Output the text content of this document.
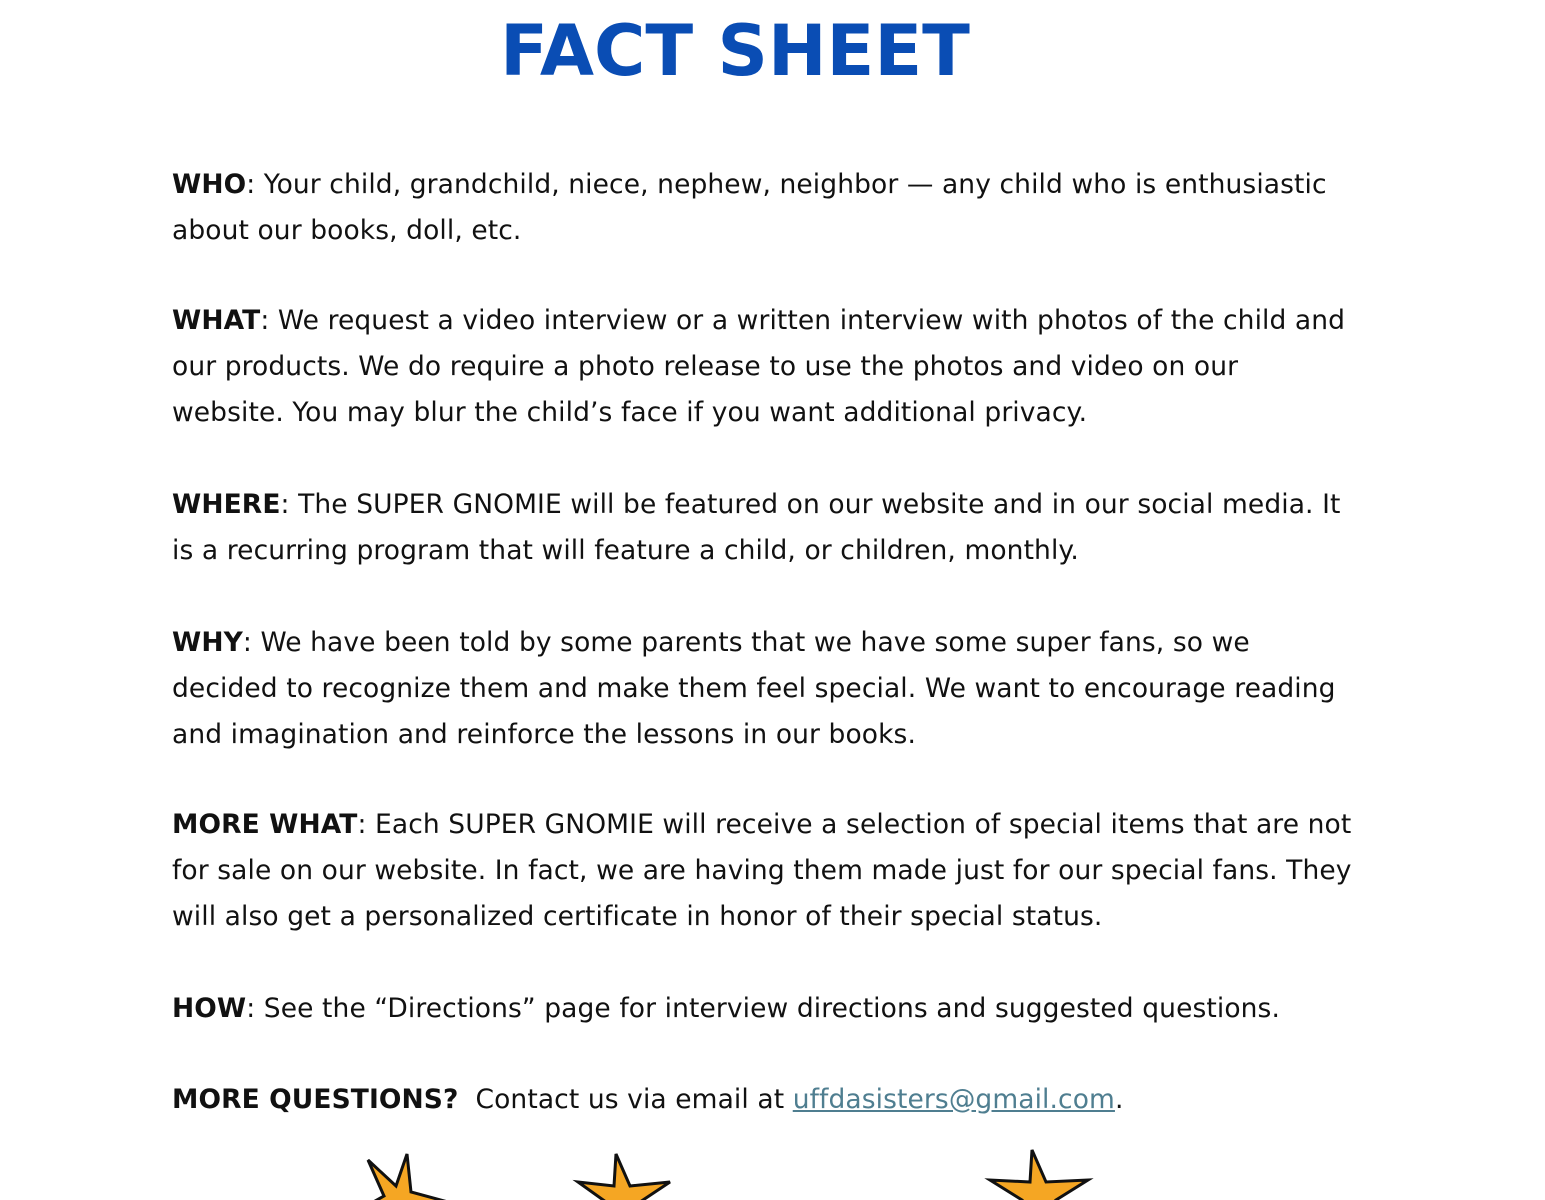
FACT SHEET

WHO: Your child, grandchild, niece, nephew, neighbor — any child who is enthusiastic about our books, doll, etc.

WHAT: We request a video interview or a written interview with photos of the child and our products. We do require a photo release to use the photos and video on our website. You may blur the child’s face if you want additional privacy.

WHERE: The SUPER GNOMIE will be featured on our website and in our social media. It is a recurring program that will feature a child, or children, monthly.

WHY: We have been told by some parents that we have some super fans, so we decided to recognize them and make them feel special. We want to encourage reading and imagination and reinforce the lessons in our books.

MORE WHAT: Each SUPER GNOMIE will receive a selection of special items that are not for sale on our website. In fact, we are having them made just for our special fans. They will also get a personalized certificate in honor of their special status.

HOW: See the “Directions” page for interview directions and suggested questions.

MORE QUESTIONS?  Contact us via email at uffdasisters@gmail.com.
